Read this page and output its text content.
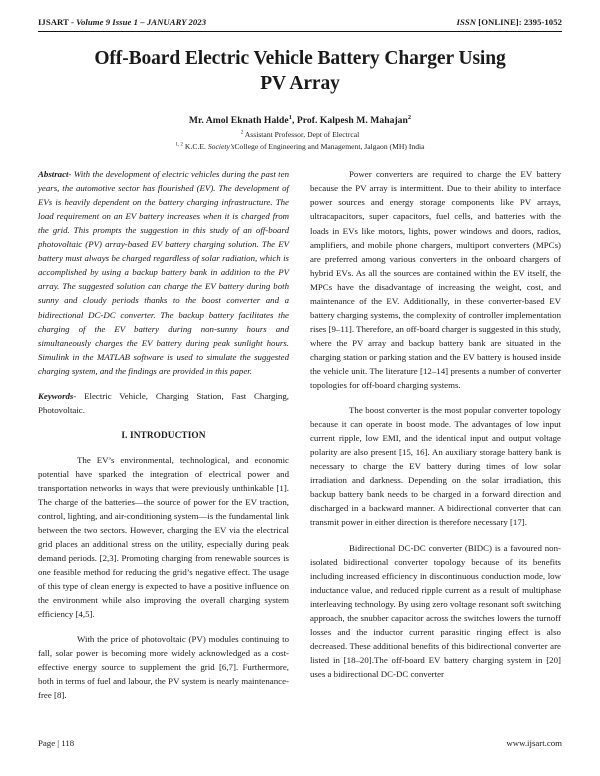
IJSART - Volume 9 Issue 1 – JANUARY 2023	ISSN [ONLINE]: 2395-1052
Off-Board Electric Vehicle Battery Charger Using PV Array
Mr. Amol Eknath Halde$^1$, Prof. Kalpesh M. Mahajan$^2$
$^2$ Assistant Professor, Dept of Electrcal
$^{1, 2}$ K.C.E. Society’sCollege of Engineering and Management, Jalgaon (MH) India

Abstract- With the development of electric vehicles during the past ten years, the automotive sector has flourished (EV). The development of EVs is heavily dependent on the battery charging infrastructure. The load requirement on an EV battery increases when it is charged from the grid. This prompts the suggestion in this study of an off-board photovoltaic (PV) array-based EV battery charging solution. The EV battery must always be charged regardless of solar radiation, which is accomplished by using a backup battery bank in addition to the PV array. The suggested solution can charge the EV battery during both sunny and cloudy periods thanks to the boost converter and a bidirectional DC-DC converter. The backup battery facilitates the charging of the EV battery during non-sunny hours and simultaneously charges the EV battery during peak sunlight hours. Simulink in the MATLAB software is used to simulate the suggested charging system, and the findings are provided in this paper.

Keywords- Electric Vehicle, Charging Station, Fast Charging, Photovoltaic.

I. INTRODUCTION

The EV’s environmental, technological, and economic potential have sparked the integration of electrical power and transportation networks in ways that were previously unthinkable [1]. The charge of the batteries—the source of power for the EV traction, control, lighting, and air-conditioning system—is the fundamental link between the two sectors. However, charging the EV via the electrical grid places an additional stress on the utility, especially during peak demand periods. [2,3]. Promoting charging from renewable sources is one feasible method for reducing the grid’s negative effect. The usage of this type of clean energy is expected to have a positive influence on the environment while also improving the overall charging system efficiency [4,5].

With the price of photovoltaic (PV) modules continuing to fall, solar power is becoming more widely acknowledged as a cost-effective energy source to supplement the grid [6,7]. Furthermore, both in terms of fuel and labour, the PV system is nearly maintenance-free [8].

Power converters are required to charge the EV battery because the PV array is intermittent. Due to their ability to interface power sources and energy storage components like PV arrays, ultracapacitors, super capacitors, fuel cells, and batteries with the loads in EVs like motors, lights, power windows and doors, radios, amplifiers, and mobile phone chargers, multiport converters (MPCs) are preferred among various converters in the onboard chargers of hybrid EVs. As all the sources are contained within the EV itself, the MPCs have the disadvantage of increasing the weight, cost, and maintenance of the EV. Additionally, in these converter-based EV battery charging systems, the complexity of controller implementation rises [9–11]. Therefore, an off-board charger is suggested in this study, where the PV array and backup battery bank are situated in the charging station or parking station and the EV battery is housed inside the vehicle unit. The literature [12–14] presents a number of converter topologies for off-board charging systems.

The boost converter is the most popular converter topology because it can operate in boost mode. The advantages of low input current ripple, low EMI, and the identical input and output voltage polarity are also present [15, 16]. An auxiliary storage battery bank is necessary to charge the EV battery during times of low solar irradiation and darkness. Depending on the solar irradiation, this backup battery bank needs to be charged in a forward direction and discharged in a backward manner. A bidirectional converter that can transmit power in either direction is therefore necessary [17].

Bidirectional DC-DC converter (BIDC) is a favoured non-isolated bidirectional converter topology because of its benefits including increased efficiency in discontinuous conduction mode, low inductance value, and reduced ripple current as a result of multiphase interleaving technology. By using zero voltage resonant soft switching approach, the snubber capacitor across the switches lowers the turnoff losses and the inductor current parasitic ringing effect is also decreased. These additional benefits of this bidirectional converter are listed in [18–20].The off-board EV battery charging system in [20] uses a bidirectional DC-DC converter

Page | 118	www.ijsart.com
